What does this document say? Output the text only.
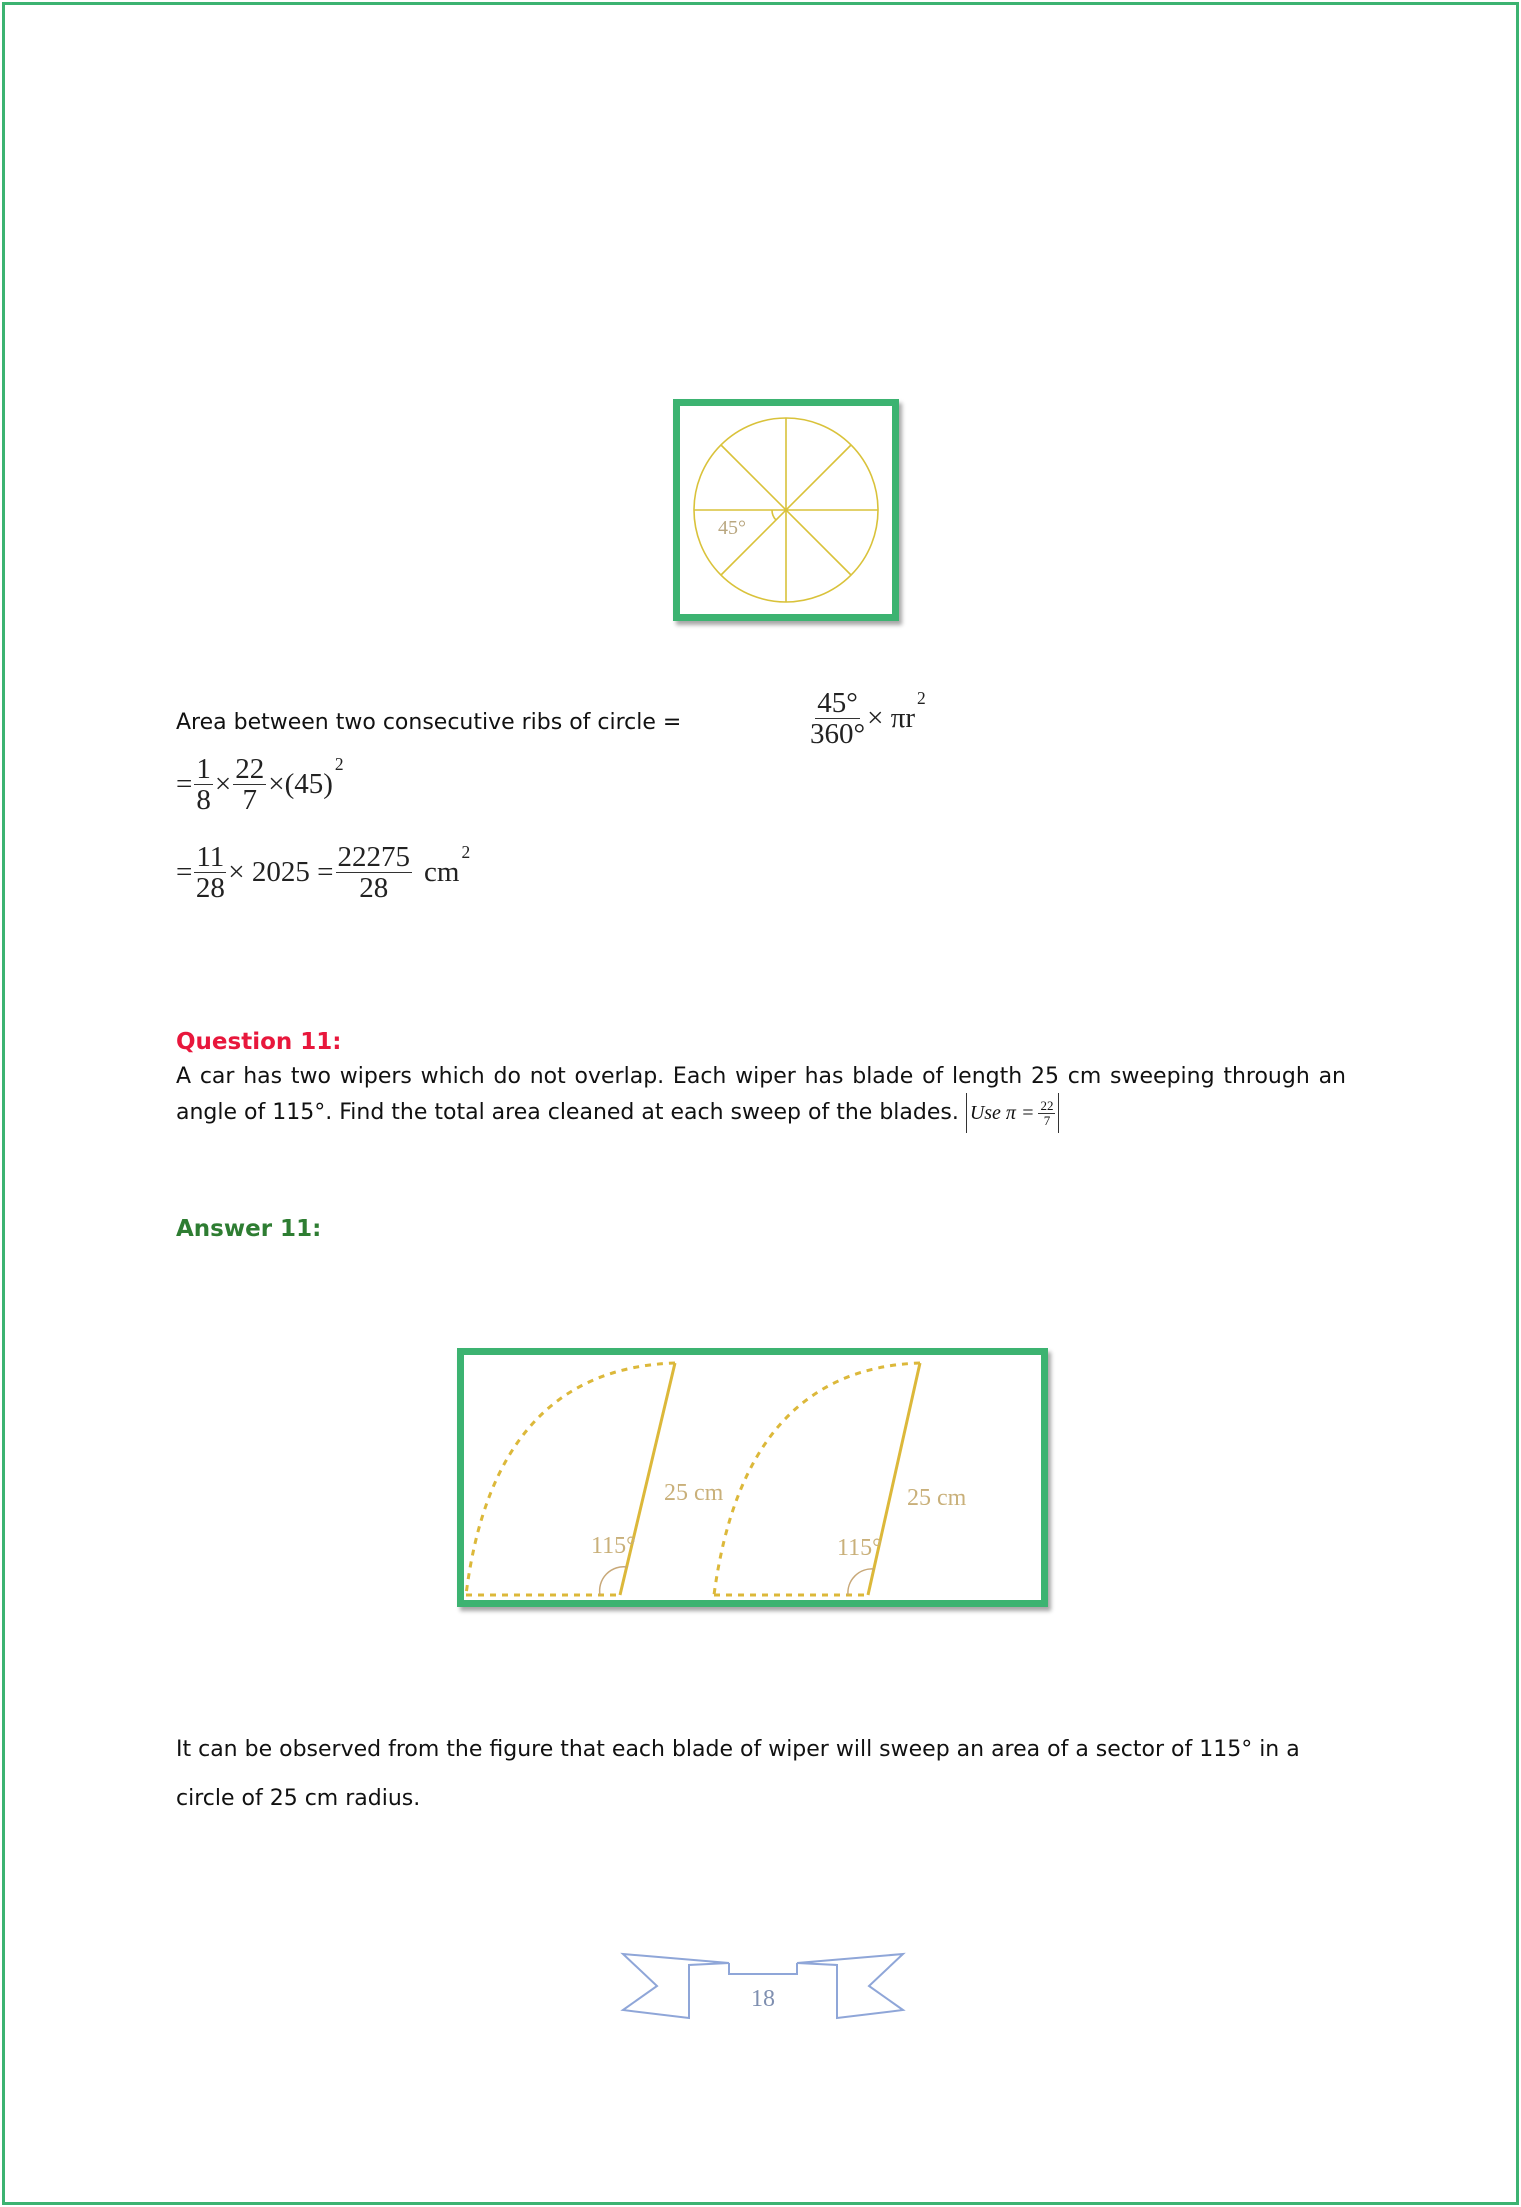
45°
Area between two consecutive ribs of circle =	$\frac{45^\circ}{360^\circ} \times \pi r$
$^2$
= $\frac{1}{8} \times \frac{22}{7} \times(45)$
$^2$
= $\frac{11}{28} \times 2025 = \frac{22275}{28}$ cm
$^2$
Question 11:
A car has two wipers which do not overlap. Each wiper has blade of length 25 cm sweeping through an angle of 115°. Find the total area cleaned at each sweep of the blades. Use $\pi = \frac{22}{7}$
Answer 11:
25 cm
115°
25 cm
115°
It can be observed from the figure that each blade of wiper will sweep an area of a sector of 115° in a circle of 25 cm radius.
18
